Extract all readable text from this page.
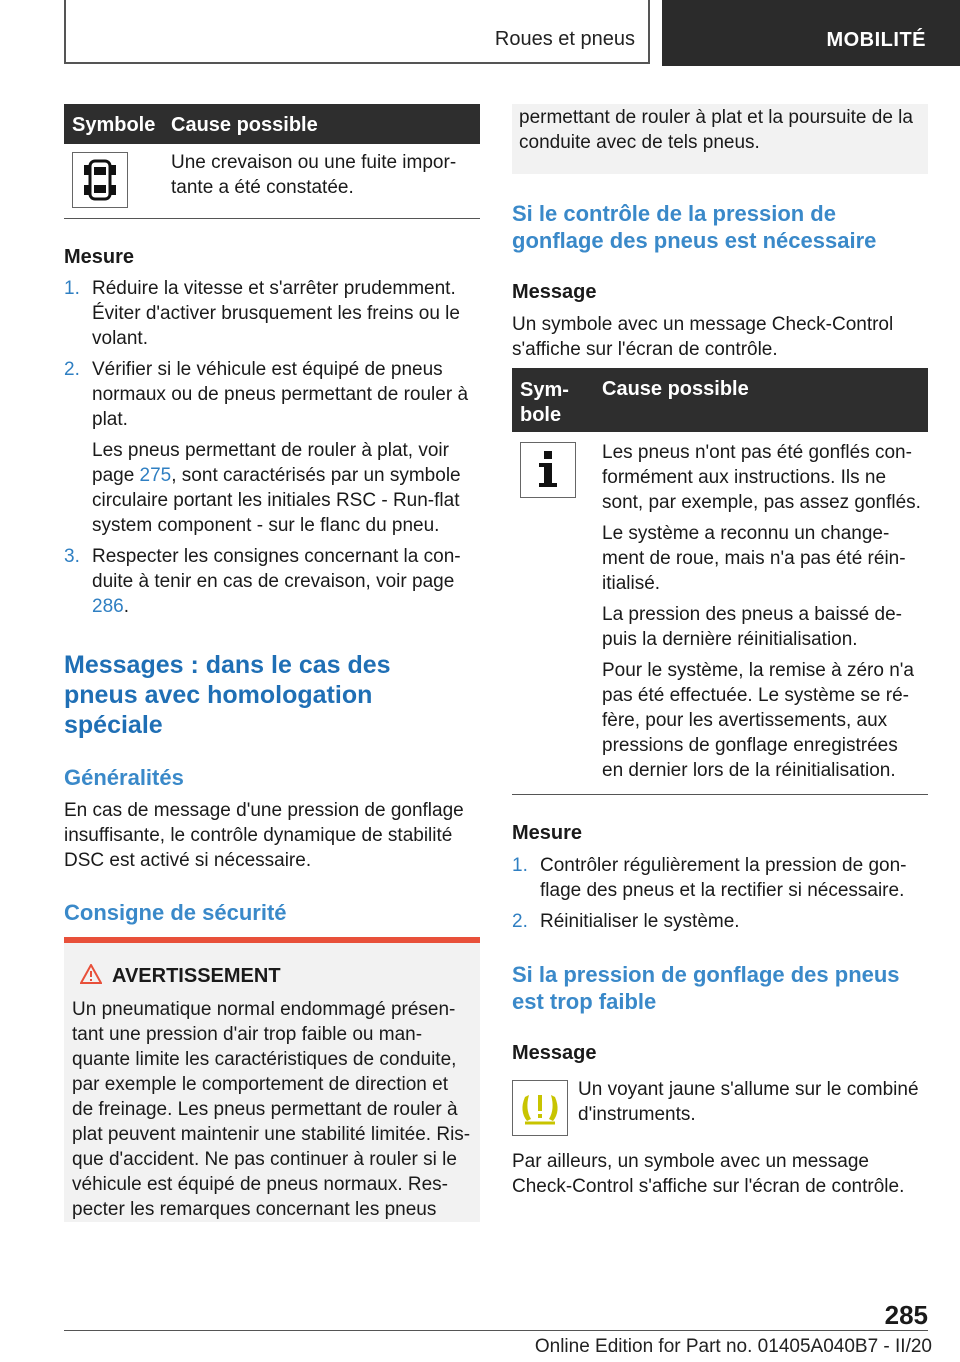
Roues et pneus	MOBILITÉ
Symbole Cause possible
Une crevaison ou une fuite impor-
tante a été constatée.
Mesure
1. Réduire la vitesse et s'arrêter prudemment. Éviter d'activer brusquement les freins ou le volant.
2. Vérifier si le véhicule est équipé de pneus normaux ou de pneus permettant de rouler à plat.
Les pneus permettant de rouler à plat, voir page 275, sont caractérisés par un symbole circulaire portant les initiales RSC - Run-flat system component - sur le flanc du pneu.
3. Respecter les consignes concernant la con-duite à tenir en cas de crevaison, voir page 286.
Messages : dans le cas des pneus avec homologation spéciale
Généralités
En cas de message d'une pression de gonflage insuffisante, le contrôle dynamique de stabilité DSC est activé si nécessaire.
Consigne de sécurité
AVERTISSEMENT
Un pneumatique normal endommagé présen-tant une pression d'air trop faible ou man-quante limite les caractéristiques de conduite, par exemple le comportement de direction et de freinage. Les pneus permettant de rouler à plat peuvent maintenir une stabilité limitée. Ris-que d'accident. Ne pas continuer à rouler si le véhicule est équipé de pneus normaux. Res-pecter les remarques concernant les pneus
permettant de rouler à plat et la poursuite de la conduite avec de tels pneus.
Si le contrôle de la pression de gonflage des pneus est nécessaire
Message
Un symbole avec un message Check-Control s'affiche sur l'écran de contrôle.
Sym-
bole
Cause possible

Les pneus n'ont pas été gonflés con-formément aux instructions. Ils ne sont, par exemple, pas assez gonflés.

Le système a reconnu un change-ment de roue, mais n'a pas été réin-itialisé.

La pression des pneus a baissé de-puis la dernière réinitialisation.

Pour le système, la remise à zéro n'a pas été effectuée. Le système se ré-fère, pour les avertissements, aux pressions de gonflage enregistrées en dernier lors de la réinitialisation.

Mesure
1. Contrôler régulièrement la pression de gon-flage des pneus et la rectifier si nécessaire.
2. Réinitialiser le système.
Si la pression de gonflage des pneus est trop faible
Message
Un voyant jaune s'allume sur le combiné d'instruments.
Par ailleurs, un symbole avec un message Check-Control s'affiche sur l'écran de contrôle.
285
Online Edition for Part no. 01405A040B7 - II/20
